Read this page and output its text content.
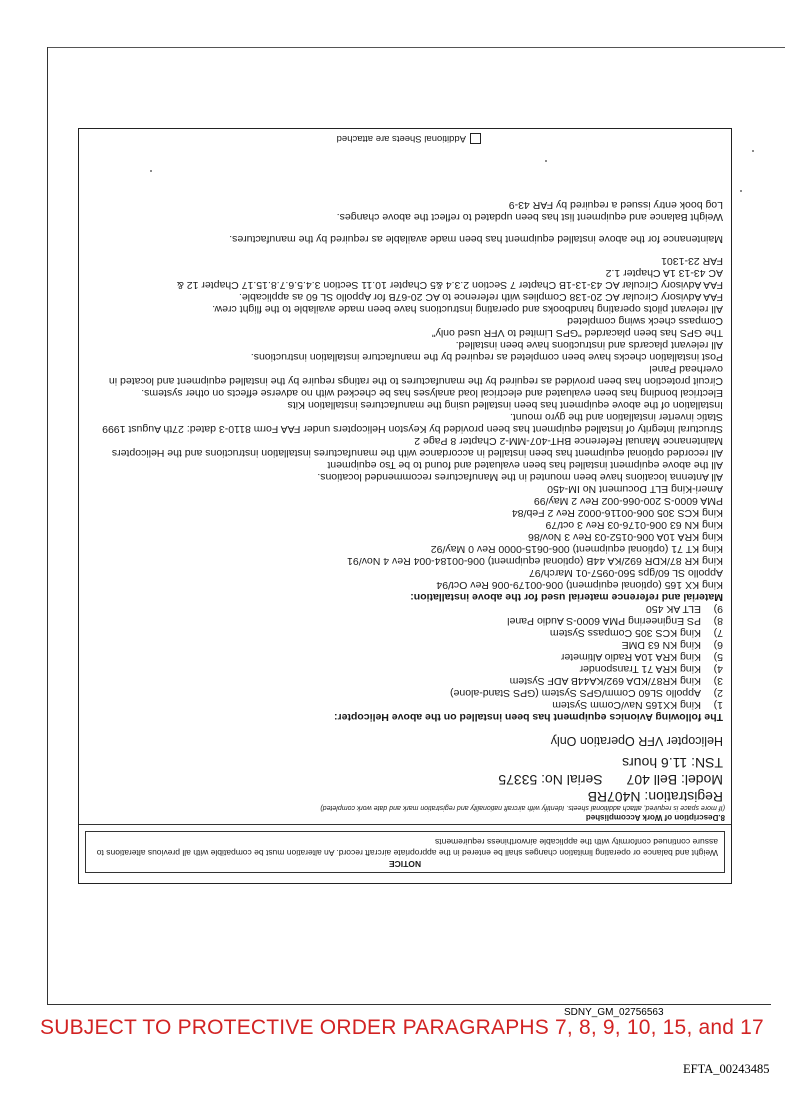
NOTICE
Weight and balance or operating limitation changes shall be entered in the appropriate aircraft record. An alteration must be compatible with all previous alterations to assure continued conformity with the applicable airworthiness requirements
8.Description of Work Accomplished
(If more space is required, attach additional sheets. Identify with aircraft nationality and registration mark and date work completed)
Registration: N407RB
Model: Bell 407 Serial No: 53375
TSN: 11.6 hours
Helicopter VFR Operation Only
The following Avionics equipment has been installed on the above Helicopter:
1)
King KX165 Nav/Comm System
2)
Appollo SL60 Comm/GPS System (GPS Stand-alone)
3)
King KR87/KDA 692/KA44B ADF System
4)
King KRA 71 Transponder
5)
King KRA 10A Radio Altimeter
6)
King KN 63 DME
7)
King KCS 305 Compass System
8)
PS Engineering PMA 6000-S Audio Panel
9)
ELT AK 450
Material and reference material used for the above installation:
King KX 165 (optional equipment) 006-00179-006 Rev Oct/94
Appollo SL 60/gps 560-0957-01 March/97
King KR 87/KDR 692/KA 44B (optional equipment) 006-00184-004 Rev 4 Nov/91
King KT 71 (optional equipment) 006-0615-0000 Rev 0 May/92
King KRA 10A 006-0152-03 Rev 3 Nov/86
King KN 63 006-0176-03 Rev 3 oct/79
King KCS 305 006-00116-0002 Rev 2 Feb/84
PMA 6000-S 200-066-002 Rev 2 May/99
Ameri-King ELT Document No IM-450
All Antenna locations have been mounted in the Manufactures recommended locations.
All the above equipment installed has been evaluated and found to be Tso equipment
All recorded optional equipment has been installed in accordance with the manufactures installation instructions and the Helicopters Maintenance Manual Reference BHT-407-MM-2 Chapter 8 Page 2
Structural Integrity of installed equipment has been provided by Keyston Helicopters under FAA Form 8110-3 dated: 27th August 1999 Static inverter installation and the gyro mount.
Installation of the above equipment has been installed using the manufactures installation Kits
Electrical bonding has been evaluated and electrical load analyses has be checked with no adverse effects on other systems.
Circuit protection has been provided as required by the manufactures to the ratings require by the installed equipment and located in overhead Panel
Post installation checks have been completed as required by the manufacture installation instructions.
All relevant placards and instructions have been installed.
The GPS has been placarded "GPS Limited to VFR used only"
Compass check swing completed
All relevant pilots operating handbooks and operating instructions have been made available to the flight crew.
FAA Advisory Circular AC 20-138 Complies with reference to AC 20-67B for Appollo SL 60 as applicable.
FAA Advisory Circular AC 43-13-1B Chapter 7 Section 2.3.4 &5 Chapter 10.11 Section 3.4.5.6.7.8.15.17 Chapter 12 &
AC 43-13 1A Chapter 1.2
FAR 23-1301
Maintenance for the above installed equipment has been made available as required by the manufactures.
Weight Balance and equipment list has been updated to reflect the above changes.
Log book entry issued a required by FAR 43-9
Additional Sheets are attached
SDNY_GM_02756563
SUBJECT TO PROTECTIVE ORDER PARAGRAPHS 7, 8, 9, 10, 15, and 17
EFTA_00243485
